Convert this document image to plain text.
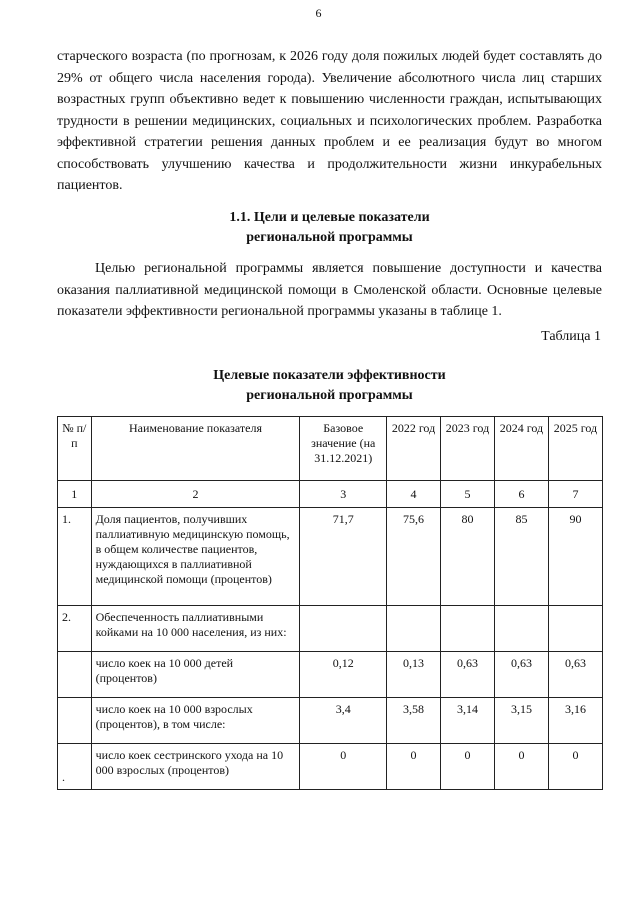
6
старческого возраста (по прогнозам, к 2026 году доля пожилых людей будет составлять до 29% от общего числа населения города). Увеличение абсолютного числа лиц старших возрастных групп объективно ведет к повышению численности граждан, испытывающих трудности в решении медицинских, социальных и психологических проблем. Разработка эффективной стратегии решения данных проблем и ее реализация будут во многом способствовать улучшению качества и продолжительности жизни инкурабельных пациентов.
1.1. Цели и целевые показатели
региональной программы
Целью региональной программы является повышение доступности и качества оказания паллиативной медицинской помощи в Смоленской области. Основные целевые показатели эффективности региональной программы указаны в таблице 1.
Таблица 1
Целевые показатели эффективности
региональной программы
№ п/п	Наименование показателя	Базовое значение (на 31.12.2021)	2022 год	2023 год	2024 год	2025 год
1	2	3	4	5	6	7
1.	Доля пациентов, получивших паллиативную медицинскую помощь, в общем количестве пациентов, нуждающихся в паллиативной медицинской помощи (процентов)	71,7	75,6	80	85	90
2.	Обеспеченность паллиативными койками на 10 000 населения, из них:					
	число коек на 10 000 детей (процентов)	0,12	0,13	0,63	0,63	0,63
	число коек на 10 000 взрослых (процентов), в том числе:	3,4	3,58	3,14	3,15	3,16
.	число коек сестринского ухода на 10 000 взрослых (процентов)	0	0	0	0	0
